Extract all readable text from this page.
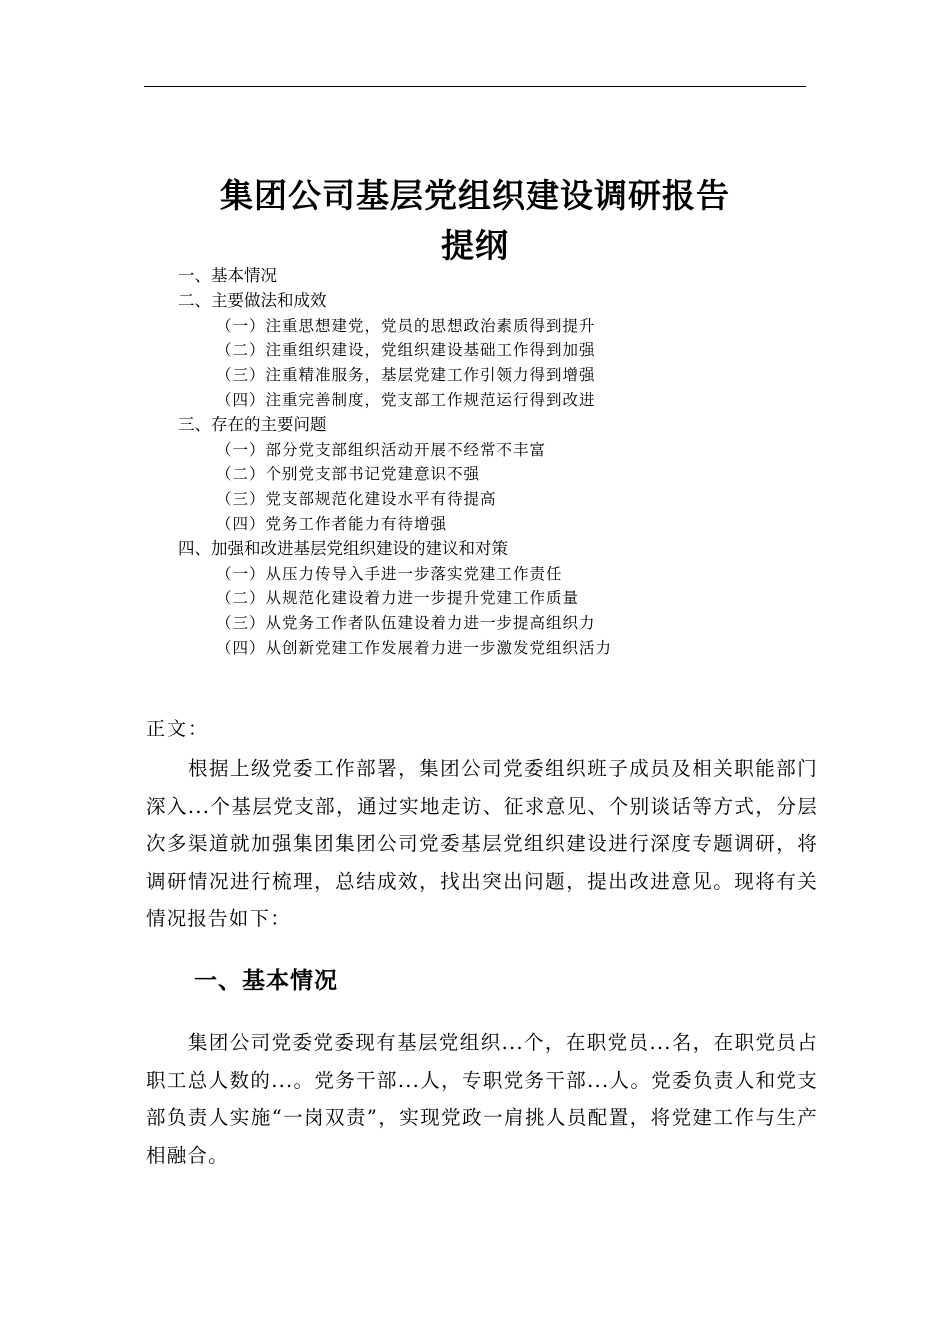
集团公司基层党组织建设调研报告
提纲
一、基本情况
二、主要做法和成效
（一）注重思想建党，党员的思想政治素质得到提升
（二）注重组织建设，党组织建设基础工作得到加强
（三）注重精准服务，基层党建工作引领力得到增强
（四）注重完善制度，党支部工作规范运行得到改进
三、存在的主要问题
（一）部分党支部组织活动开展不经常不丰富
（二）个别党支部书记党建意识不强
（三）党支部规范化建设水平有待提高
（四）党务工作者能力有待增强
四、加强和改进基层党组织建设的建议和对策
（一）从压力传导入手进一步落实党建工作责任
（二）从规范化建设着力进一步提升党建工作质量
（三）从党务工作者队伍建设着力进一步提高组织力
（四）从创新党建工作发展着力进一步激发党组织活力
正文：

根据上级党委工作部署，集团公司党委组织班子成员及相关职能部门深入...个基层党支部，通过实地走访、征求意见、个别谈话等方式，分层次多渠道就加强集团集团公司党委基层党组织建设进行深度专题调研，将调研情况进行梳理，总结成效，找出突出问题，提出改进意见。现将有关情况报告如下：

一、基本情况

集团公司党委党委现有基层党组织...个，在职党员...名，在职党员占职工总人数的...。党务干部...人，专职党务干部...人。党委负责人和党支部负责人实施“一岗双责”，实现党政一肩挑人员配置，将党建工作与生产相融合。
